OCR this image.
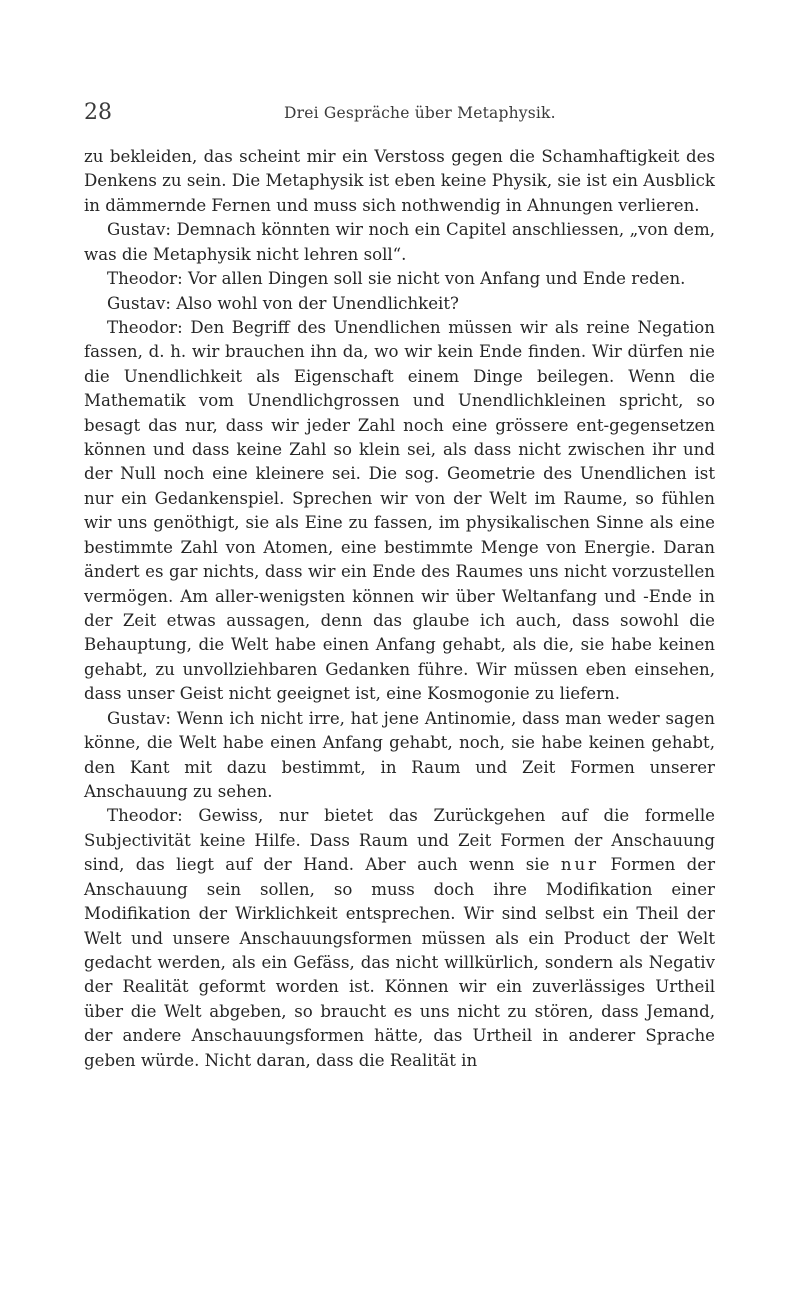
28	Drei Gespräche über Metaphysik.

zu bekleiden, das scheint mir ein Verstoss gegen die Schamhaftigkeit des Denkens zu sein. Die Metaphysik ist eben keine Physik, sie ist ein Ausblick in dämmernde Fernen und muss sich nothwendig in Ahnungen verlieren.

Gustav: Demnach könnten wir noch ein Capitel anschliessen, „von dem, was die Metaphysik nicht lehren soll“.

Theodor: Vor allen Dingen soll sie nicht von Anfang und Ende reden.

Gustav: Also wohl von der Unendlichkeit?

Theodor: Den Begriff des Unendlichen müssen wir als reine Negation fassen, d. h. wir brauchen ihn da, wo wir kein Ende finden. Wir dürfen nie die Unendlichkeit als Eigenschaft einem Dinge beilegen. Wenn die Mathematik vom Unendlichgrossen und Unendlichkleinen spricht, so besagt das nur, dass wir jeder Zahl noch eine grössere ent-gegensetzen können und dass keine Zahl so klein sei, als dass nicht zwischen ihr und der Null noch eine kleinere sei. Die sog. Geometrie des Unendlichen ist nur ein Gedankenspiel. Sprechen wir von der Welt im Raume, so fühlen wir uns genöthigt, sie als Eine zu fassen, im physikalischen Sinne als eine bestimmte Zahl von Atomen, eine bestimmte Menge von Energie. Daran ändert es gar nichts, dass wir ein Ende des Raumes uns nicht vorzustellen vermögen. Am aller-wenigsten können wir über Weltanfang und -Ende in der Zeit etwas aussagen, denn das glaube ich auch, dass sowohl die Behauptung, die Welt habe einen Anfang gehabt, als die, sie habe keinen gehabt, zu unvollziehbaren Gedanken führe. Wir müssen eben einsehen, dass unser Geist nicht geeignet ist, eine Kosmogonie zu liefern.

Gustav: Wenn ich nicht irre, hat jene Antinomie, dass man weder sagen könne, die Welt habe einen Anfang gehabt, noch, sie habe keinen gehabt, den Kant mit dazu bestimmt, in Raum und Zeit Formen unserer Anschauung zu sehen.

Theodor: Gewiss, nur bietet das Zurückgehen auf die formelle Subjectivität keine Hilfe. Dass Raum und Zeit Formen der Anschauung sind, das liegt auf der Hand. Aber auch wenn sie nur Formen der Anschauung sein sollen, so muss doch ihre Modifikation einer Modifikation der Wirklichkeit entsprechen. Wir sind selbst ein Theil der Welt und unsere Anschauungsformen müssen als ein Product der Welt gedacht werden, als ein Gefäss, das nicht willkürlich, sondern als Negativ der Realität geformt worden ist. Können wir ein zuverlässiges Urtheil über die Welt abgeben, so braucht es uns nicht zu stören, dass Jemand, der andere Anschauungsformen hätte, das Urtheil in anderer Sprache geben würde. Nicht daran, dass die Realität in
